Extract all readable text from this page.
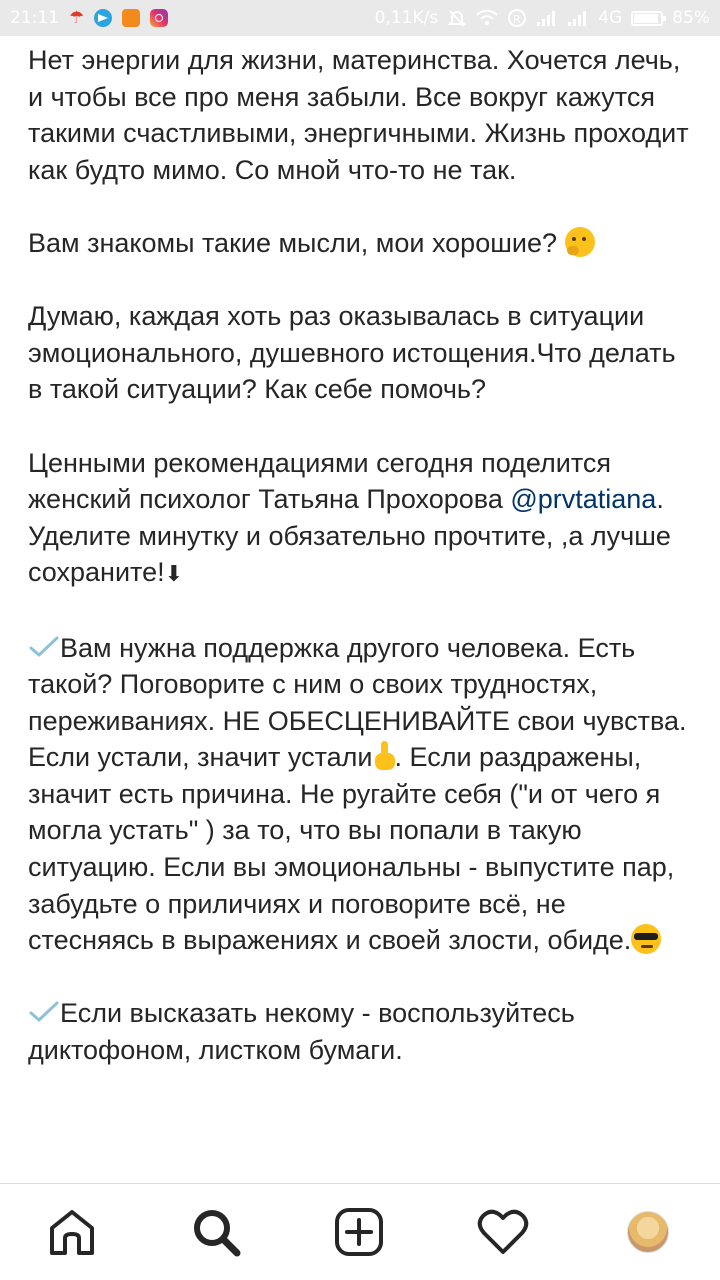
21:11 ☂	0,11K/s	R	4G	85%

Нет энергии для жизни, материнства. Хочется лечь, и чтобы все про меня забыли. Все вокруг кажутся такими счастливыми, энергичными. Жизнь проходит как будто мимо. Со мной что-то не так.

Вам знакомы такие мысли, мои хорошие?

Думаю, каждая хоть раз оказывалась в ситуации эмоционального, душевного истощения.Что делать в такой ситуации? Как себе помочь?

Ценными рекомендациями сегодня поделится женский психолог Татьяна Прохорова @prvtatiana. Уделите минутку и обязательно прочтите, ,а лучше сохраните!⬇

Вам нужна поддержка другого человека. Есть такой? Поговорите с ним о своих трудностях, переживаниях. НЕ ОБЕСЦЕНИВАЙТЕ свои чувства. Если устали, значит устали . Если раздражены, значит есть причина. Не ругайте себя ("и от чего я могла устать" ) за то, что вы попали в такую ситуацию. Если вы эмоциональны - выпустите пар, забудьте о приличиях и поговорите всё, не стесняясь в выражениях и своей злости, обиде.

Если высказать некому - воспользуйтесь диктофоном, листком бумаги.
